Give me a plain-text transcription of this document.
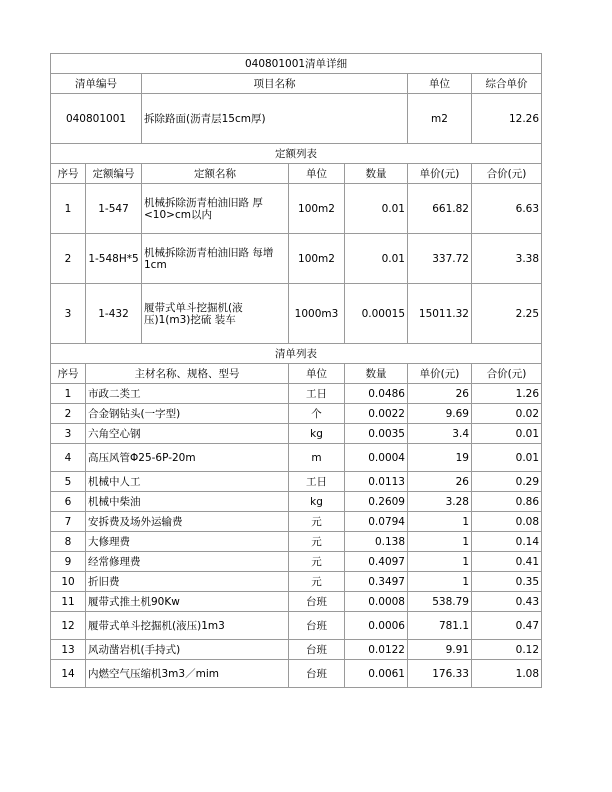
040801001清单详细						
清单编号		项目名称			单位	综合单价
040801001		拆除路面(沥青层15cm厚)			m2	12.26
定额列表						
序号	定额编号	定额名称	单位	数量	单价(元)	合价(元)
1	1-547	机械拆除沥青柏油旧路 厚<10>cm以内	100m2	0.01	661.82	6.63
2	1-548H*5	机械拆除沥青柏油旧路 每增1cm	100m2	0.01	337.72	3.38
3	1-432	履带式单斗挖掘机(液压)1(m3)挖硫 装车	1000m3	0.00015	15011.32	2.25
清单列表						
序号	主材名称、规格、型号		单位	数量	单价(元)	合价(元)
1	市政二类工		工日	0.0486	26	1.26
2	合金钢钻头(一字型)		个	0.0022	9.69	0.02
3	六角空心钢		kg	0.0035	3.4	0.01
4	高压风管Φ25-6P-20m		m	0.0004	19	0.01
5	机械中人工		工日	0.0113	26	0.29
6	机械中柴油		kg	0.2609	3.28	0.86
7	安拆费及场外运输费		元	0.0794	1	0.08
8	大修理费		元	0.138	1	0.14
9	经常修理费		元	0.4097	1	0.41
10	折旧费		元	0.3497	1	0.35
11	履带式推土机90Kw		台班	0.0008	538.79	0.43
12	履带式单斗挖掘机(液压)1m3		台班	0.0006	781.1	0.47
13	风动凿岩机(手持式)		台班	0.0122	9.91	0.12
14	内燃空气压缩机3m3／mim		台班	0.0061	176.33	1.08
